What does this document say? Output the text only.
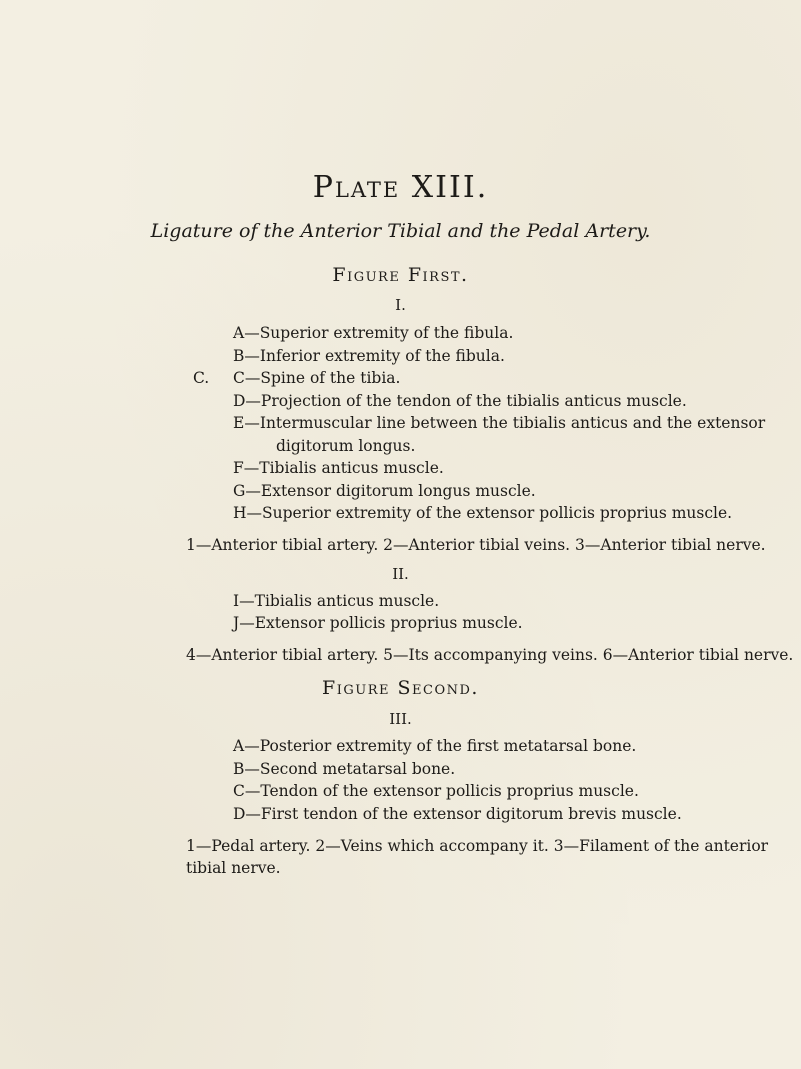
Plate XIII.
Ligature of the Anterior Tibial and the Pedal Artery.
Figure First.
I.
A—Superior extremity of the fibula.
B—Inferior extremity of the fibula.
C. C—Spine of the tibia.
D—Projection of the tendon of the tibialis anticus muscle.
E—Intermuscular line between the tibialis anticus and the extensor
digitorum longus.
F—Tibialis anticus muscle.
G—Extensor digitorum longus muscle.
H—Superior extremity of the extensor pollicis proprius muscle.
1—Anterior tibial artery. 2—Anterior tibial veins. 3—Anterior tibial nerve.
II.
I—Tibialis anticus muscle.
J—Extensor pollicis proprius muscle.
4—Anterior tibial artery. 5—Its accompanying veins. 6—Anterior tibial nerve.
Figure Second.
III.
A—Posterior extremity of the first metatarsal bone.
B—Second metatarsal bone.
C—Tendon of the extensor pollicis proprius muscle.
D—First tendon of the extensor digitorum brevis muscle.
1—Pedal artery. 2—Veins which accompany it. 3—Filament of the anterior
tibial nerve.
